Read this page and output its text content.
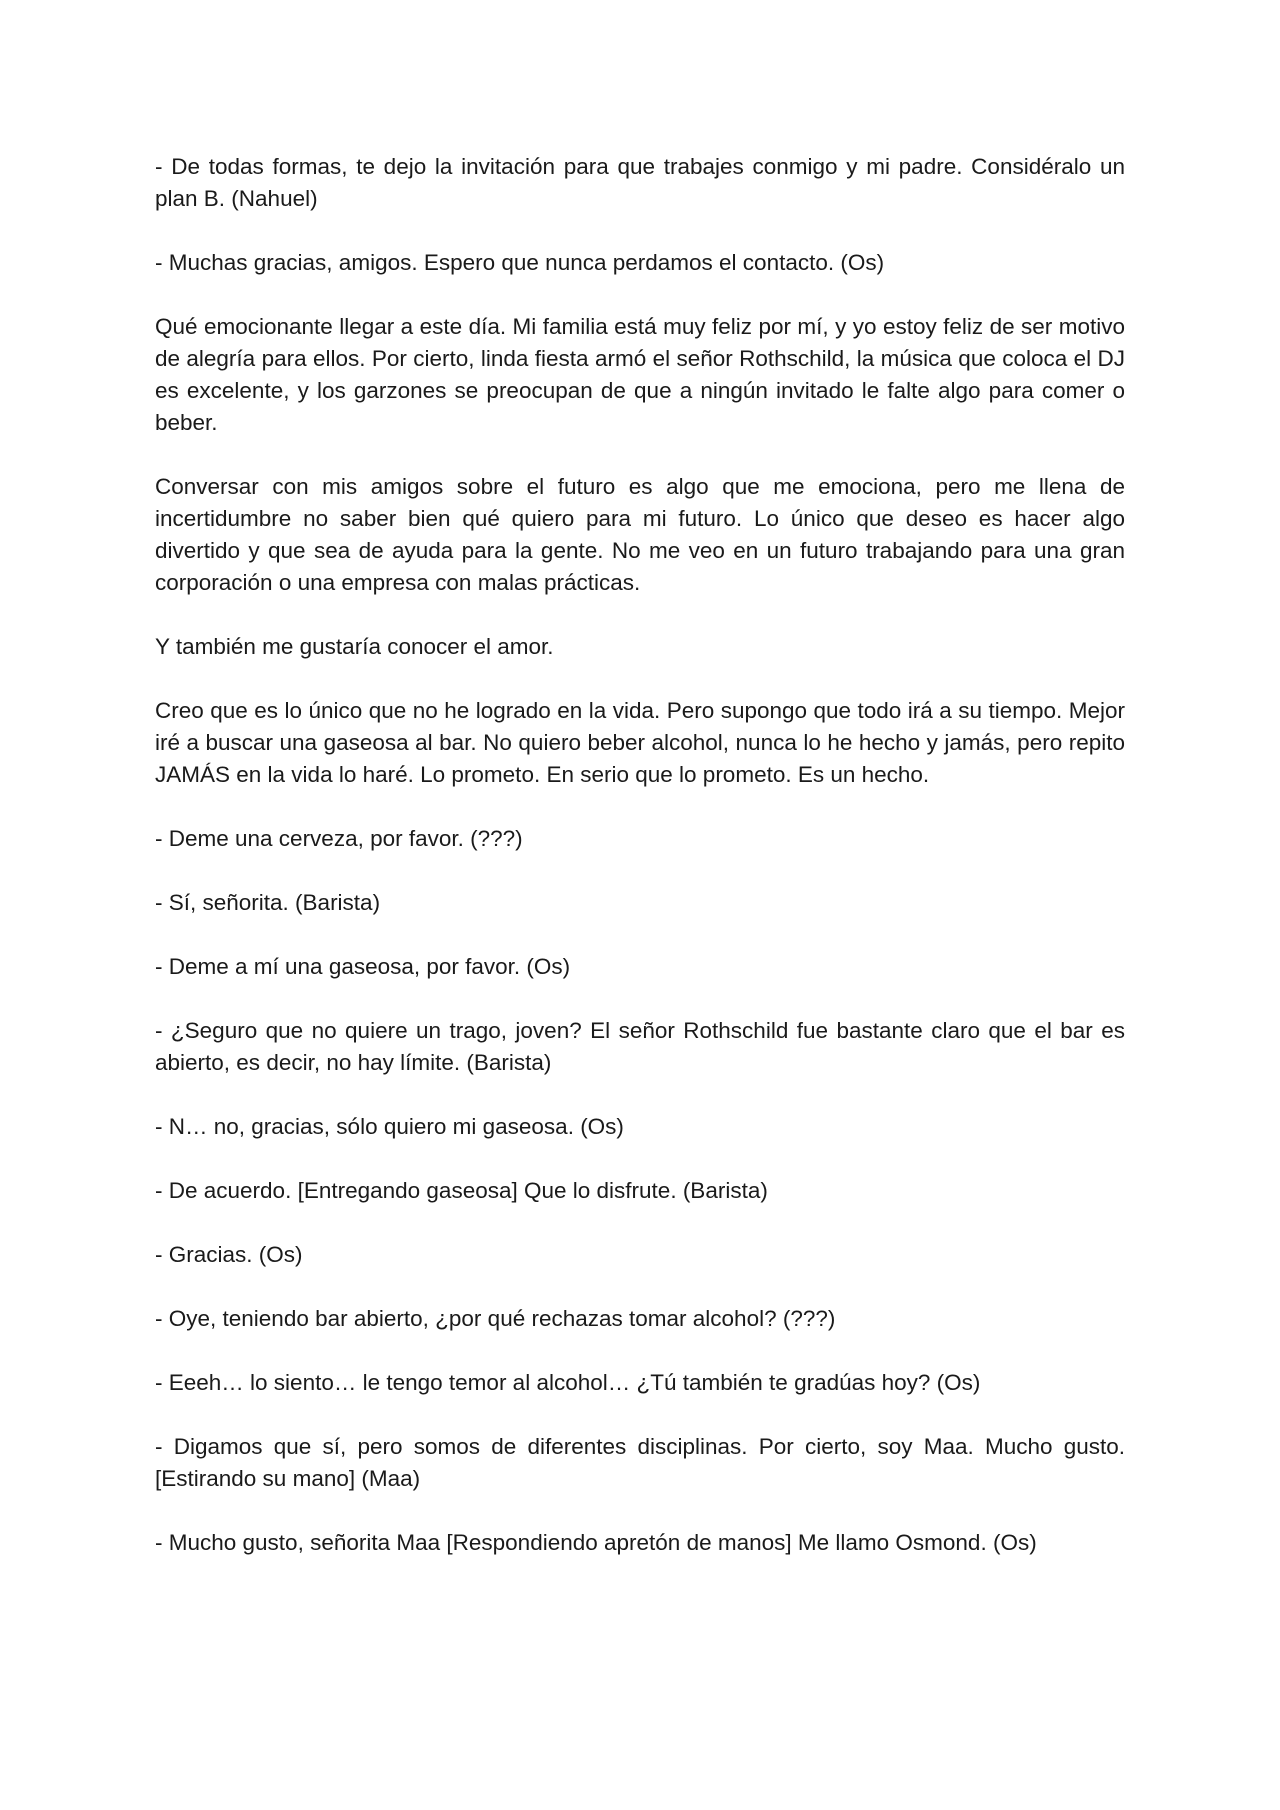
- De todas formas, te dejo la invitación para que trabajes conmigo y mi padre. Considéralo un plan B. (Nahuel)

- Muchas gracias, amigos. Espero que nunca perdamos el contacto. (Os)

Qué emocionante llegar a este día. Mi familia está muy feliz por mí, y yo estoy feliz de ser motivo de alegría para ellos. Por cierto, linda fiesta armó el señor Rothschild, la música que coloca el DJ es excelente, y los garzones se preocupan de que a ningún invitado le falte algo para comer o beber.

Conversar con mis amigos sobre el futuro es algo que me emociona, pero me llena de incertidumbre no saber bien qué quiero para mi futuro. Lo único que deseo es hacer algo divertido y que sea de ayuda para la gente. No me veo en un futuro trabajando para una gran corporación o una empresa con malas prácticas.

Y también me gustaría conocer el amor.

Creo que es lo único que no he logrado en la vida. Pero supongo que todo irá a su tiempo. Mejor iré a buscar una gaseosa al bar. No quiero beber alcohol, nunca lo he hecho y jamás, pero repito JAMÁS en la vida lo haré. Lo prometo. En serio que lo prometo. Es un hecho.

- Deme una cerveza, por favor. (???)

- Sí, señorita. (Barista)

- Deme a mí una gaseosa, por favor. (Os)

- ¿Seguro que no quiere un trago, joven? El señor Rothschild fue bastante claro que el bar es abierto, es decir, no hay límite. (Barista)

- N… no, gracias, sólo quiero mi gaseosa. (Os)

- De acuerdo. [Entregando gaseosa] Que lo disfrute. (Barista)

- Gracias. (Os)

- Oye, teniendo bar abierto, ¿por qué rechazas tomar alcohol? (???)

- Eeeh… lo siento… le tengo temor al alcohol… ¿Tú también te gradúas hoy? (Os)

- Digamos que sí, pero somos de diferentes disciplinas. Por cierto, soy Maa. Mucho gusto. [Estirando su mano] (Maa)

- Mucho gusto, señorita Maa [Respondiendo apretón de manos] Me llamo Osmond. (Os)
